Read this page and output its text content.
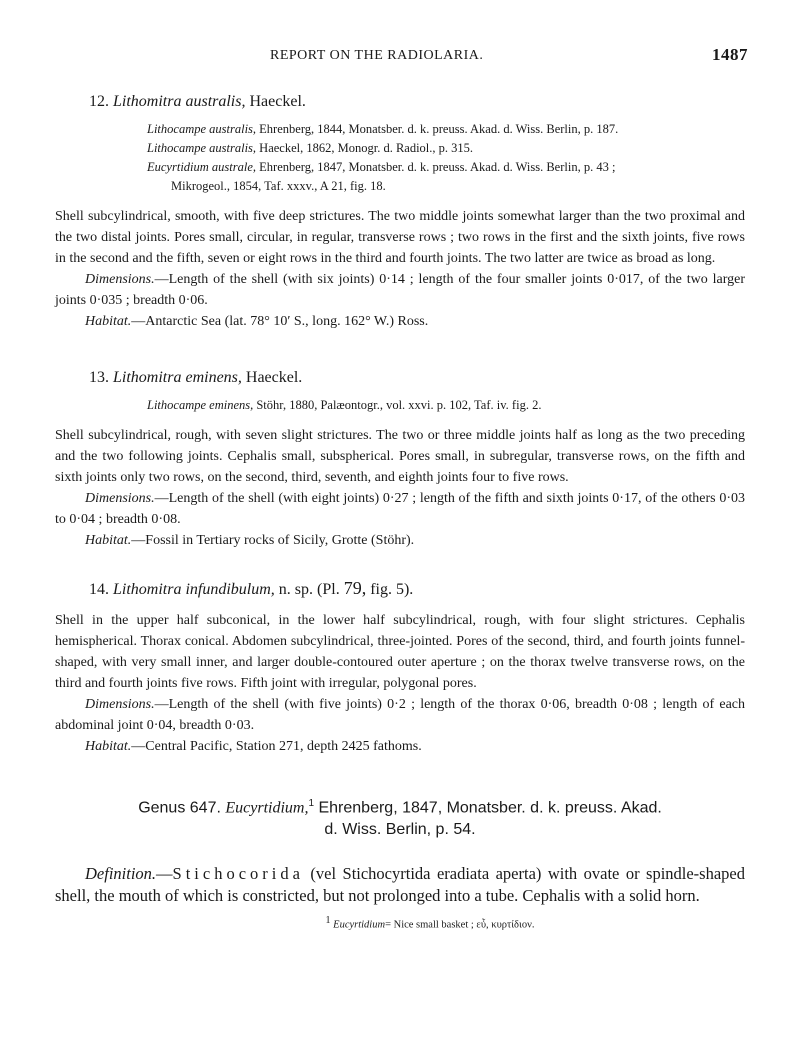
REPORT ON THE RADIOLARIA.	1487
12. Lithomitra australis, Haeckel.
Lithocampe australis, Ehrenberg, 1844, Monatsber. d. k. preuss. Akad. d. Wiss. Berlin, p. 187.
Lithocampe australis, Haeckel, 1862, Monogr. d. Radiol., p. 315.
Eucyrtidium australe, Ehrenberg, 1847, Monatsber. d. k. preuss. Akad. d. Wiss. Berlin, p. 43 ;
Mikrogeol., 1854, Taf. xxxv., A 21, fig. 18.

Shell subcylindrical, smooth, with five deep strictures. The two middle joints somewhat larger than the two proximal and the two distal joints. Pores small, circular, in regular, transverse rows ; two rows in the first and the sixth joints, five rows in the second and the fifth, seven or eight rows in the third and fourth joints. The two latter are twice as broad as long.

Dimensions.—Length of the shell (with six joints) 0·14 ; length of the four smaller joints 0·017, of the two larger joints 0·035 ; breadth 0·06.

Habitat.—Antarctic Sea (lat. 78° 10′ S., long. 162° W.) Ross.

13. Lithomitra eminens, Haeckel.
Lithocampe eminens, Stöhr, 1880, Palæontogr., vol. xxvi. p. 102, Taf. iv. fig. 2.

Shell subcylindrical, rough, with seven slight strictures. The two or three middle joints half as long as the two preceding and the two following joints. Cephalis small, subspherical. Pores small, in subregular, transverse rows, on the fifth and sixth joints only two rows, on the second, third, seventh, and eighth joints four to five rows.

Dimensions.—Length of the shell (with eight joints) 0·27 ; length of the fifth and sixth joints 0·17, of the others 0·03 to 0·04 ; breadth 0·08.

Habitat.—Fossil in Tertiary rocks of Sicily, Grotte (Stöhr).

14. Lithomitra infundibulum, n. sp. (Pl. 79, fig. 5).

Shell in the upper half subconical, in the lower half subcylindrical, rough, with four slight strictures. Cephalis hemispherical. Thorax conical. Abdomen subcylindrical, three-jointed. Pores of the second, third, and fourth joints funnel-shaped, with very small inner, and larger double-contoured outer aperture ; on the thorax twelve transverse rows, on the third and fourth joints five rows. Fifth joint with irregular, polygonal pores.

Dimensions.—Length of the shell (with five joints) 0·2 ; length of the thorax 0·06, breadth 0·08 ; length of each abdominal joint 0·04, breadth 0·03.

Habitat.—Central Pacific, Station 271, depth 2425 fathoms.

Genus 647. Eucyrtidium,$^1$ Ehrenberg, 1847, Monatsber. d. k. preuss. Akad.
d. Wiss. Berlin, p. 54.

Definition.—Stichocorida (vel Stichocyrtida eradiata aperta) with ovate or spindle-shaped shell, the mouth of which is constricted, but not prolonged into a tube. Cephalis with a solid horn.

$^1$ Eucyrtidium= Nice small basket ; εὖ, κυρτίδιον.
